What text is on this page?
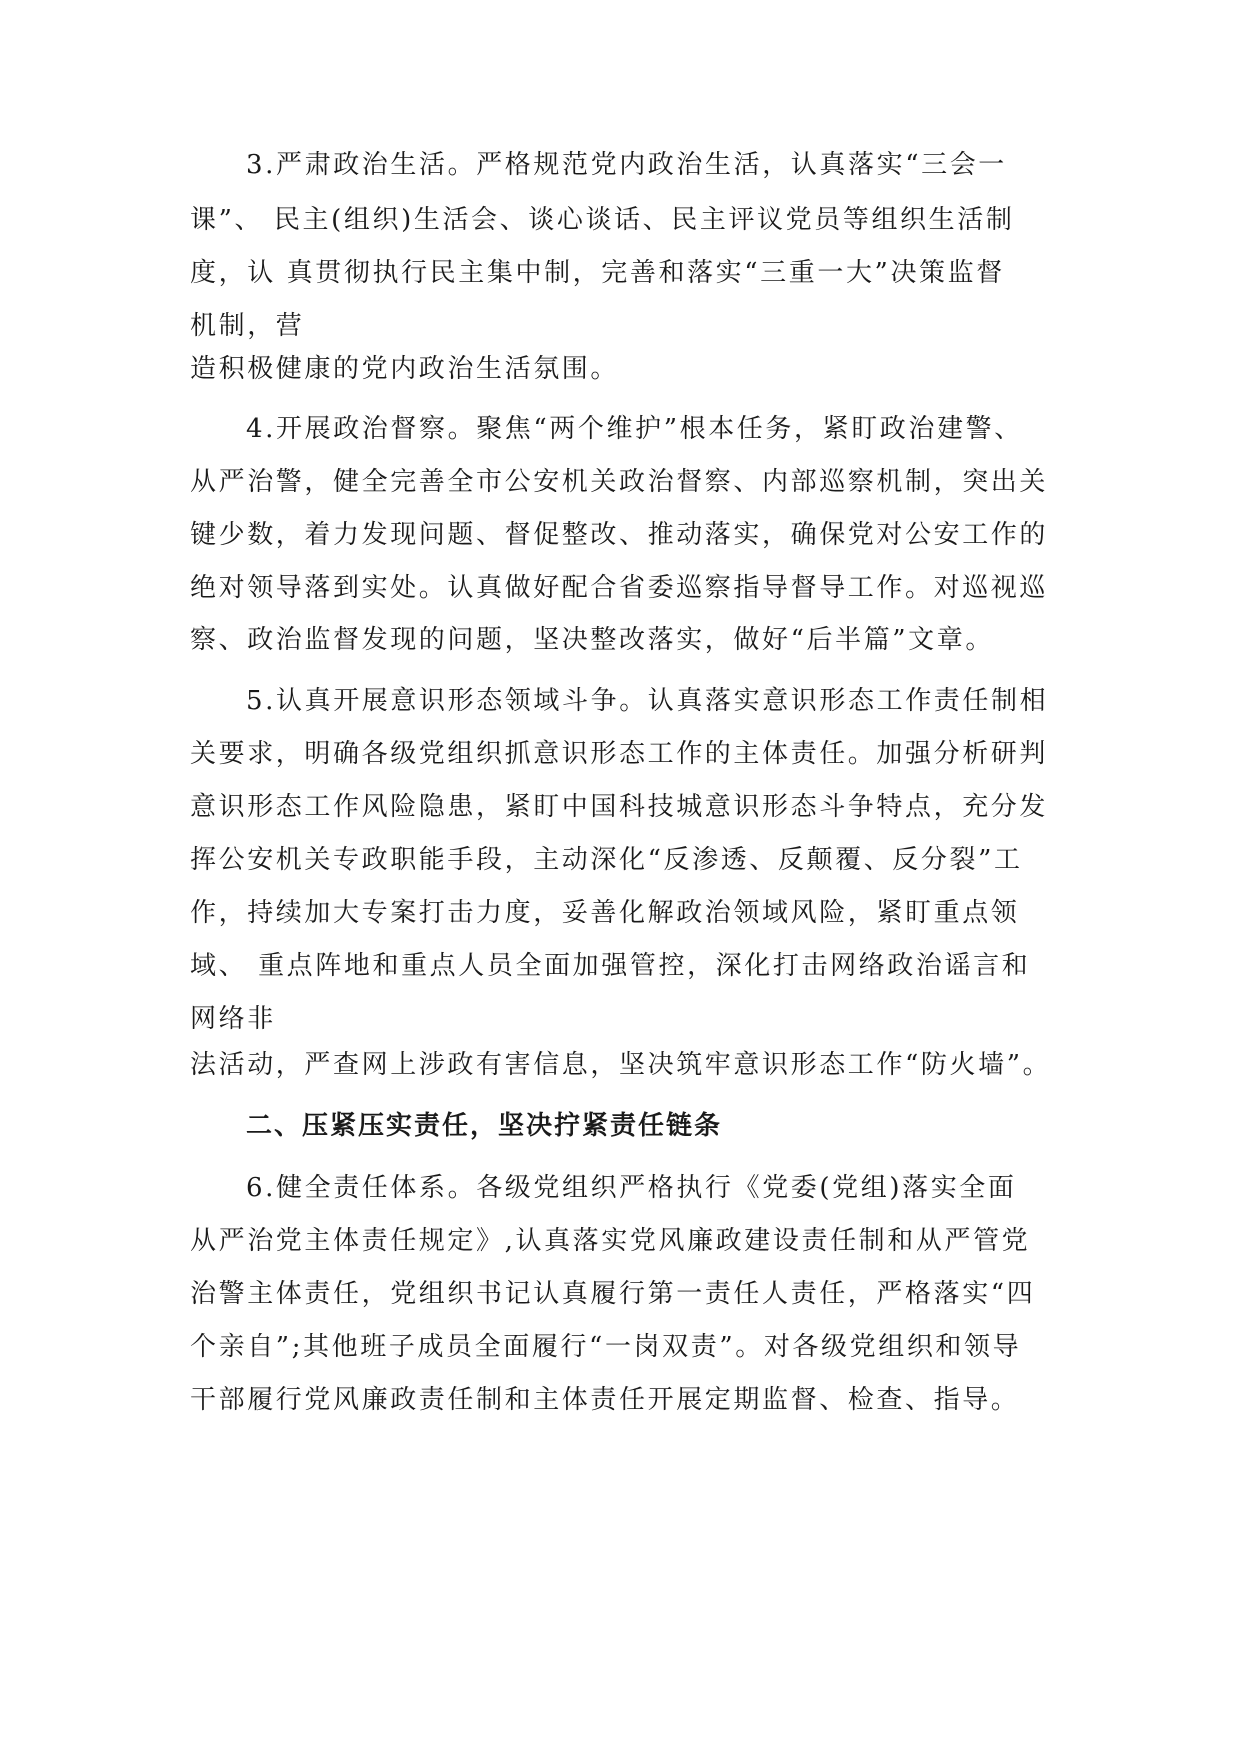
3.严肃政治生活。严格规范党内政治生活，认真落实“三会一
课”、 民主(组织)生活会、谈心谈话、民主评议党员等组织生活制
度，认 真贯彻执行民主集中制，完善和落实“三重一大”决策监督
机制，营
造积极健康的党内政治生活氛围。
4.开展政治督察。聚焦“两个维护”根本任务，紧盯政治建警、
从严治警，健全完善全市公安机关政治督察、内部巡察机制，突出关
键少数，着力发现问题、督促整改、推动落实，确保党对公安工作的
绝对领导落到实处。认真做好配合省委巡察指导督导工作。对巡视巡
察、政治监督发现的问题，坚决整改落实，做好“后半篇”文章。
5.认真开展意识形态领域斗争。认真落实意识形态工作责任制相
关要求，明确各级党组织抓意识形态工作的主体责任。加强分析研判
意识形态工作风险隐患，紧盯中国科技城意识形态斗争特点，充分发
挥公安机关专政职能手段，主动深化“反渗透、反颠覆、反分裂”工
作，持续加大专案打击力度，妥善化解政治领域风险，紧盯重点领
域、 重点阵地和重点人员全面加强管控，深化打击网络政治谣言和
网络非
法活动，严查网上涉政有害信息，坚决筑牢意识形态工作“防火墙”。
二、压紧压实责任，坚决拧紧责任链条
6.健全责任体系。各级党组织严格执行《党委(党组)落实全面
从严治党主体责任规定》,认真落实党风廉政建设责任制和从严管党
治警主体责任，党组织书记认真履行第一责任人责任，严格落实“四
个亲自”;其他班子成员全面履行“一岗双责”。对各级党组织和领导
干部履行党风廉政责任制和主体责任开展定期监督、检查、指导。
